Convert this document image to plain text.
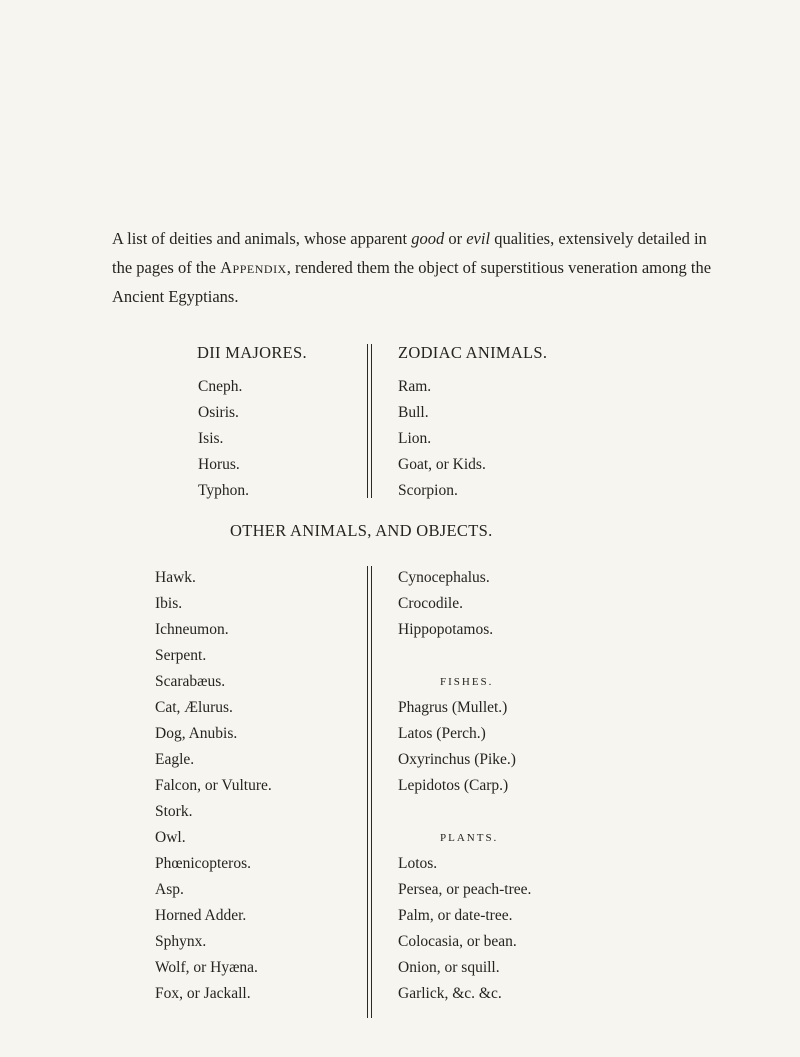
A list of deities and animals, whose apparent good or evil qualities, extensively detailed in the pages of the Appendix, rendered them the object of superstitious veneration among the Ancient Egyptians.

DII MAJORES.	ZODIAC ANIMALS.
Cneph.
Osiris.
Isis.
Horus.
Typhon.
Ram.
Bull.
Lion.
Goat, or Kids.
Scorpion.
OTHER ANIMALS, AND OBJECTS.
Hawk.
Ibis.
Ichneumon.
Serpent.
Scarabæus.
Cat, Ælurus.
Dog, Anubis.
Eagle.
Falcon, or Vulture.
Stork.
Owl.
Phœnicopteros.
Asp.
Horned Adder.
Sphynx.
Wolf, or Hyæna.
Fox, or Jackall.
Cynocephalus.
Crocodile.
Hippopotamos.
FISHES.
Phagrus (Mullet.)
Latos (Perch.)
Oxyrinchus (Pike.)
Lepidotos (Carp.)
PLANTS.
Lotos.
Persea, or peach-tree.
Palm, or date-tree.
Colocasia, or bean.
Onion, or squill.
Garlick, &c. &c.
